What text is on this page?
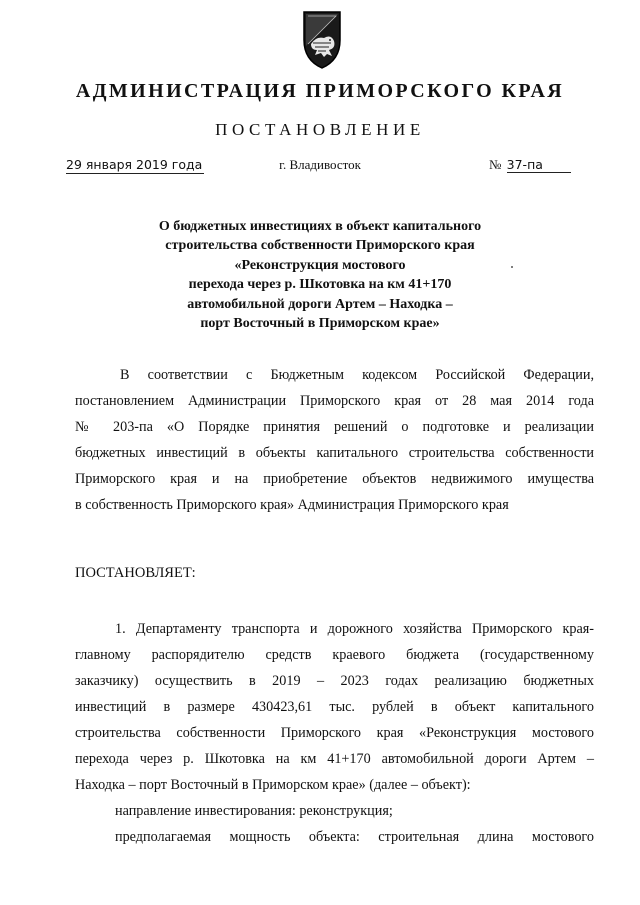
АДМИНИСТРАЦИЯ ПРИМОРСКОГО КРАЯ
ПОСТАНОВЛЕНИЕ
29 января 2019 года	г. Владивосток	№ 37-па
О бюджетных инвестициях в объект капитального
строительства собственности Приморского края
«Реконструкция мостового
перехода через р. Шкотовка на км 41+170
автомобильной дороги Артем – Находка –
порт Восточный в Приморском крае»

В соответствии с Бюджетным кодексом Российской Федерации,
постановлением Администрации Приморского края от 28 мая 2014 года
№ 203-па «О Порядке принятия решений о подготовке и реализации
бюджетных инвестиций в объекты капитального строительства собственности
Приморского края и на приобретение объектов недвижимого имущества
в собственность Приморского края» Администрация Приморского края

ПОСТАНОВЛЯЕТ:

1. Департаменту транспорта и дорожного хозяйства Приморского края-
главному распорядителю средств краевого бюджета (государственному
заказчику) осуществить в 2019 – 2023 годах реализацию бюджетных
инвестиций в размере 430423,61 тыс. рублей в объект капитального
строительства собственности Приморского края «Реконструкция мостового
перехода через р. Шкотовка на км 41+170 автомобильной дороги Артем –
Находка – порт Восточный в Приморском крае» (далее – объект):

направление инвестирования: реконструкция;

предполагаемая мощность объекта: строительная длина мостового
